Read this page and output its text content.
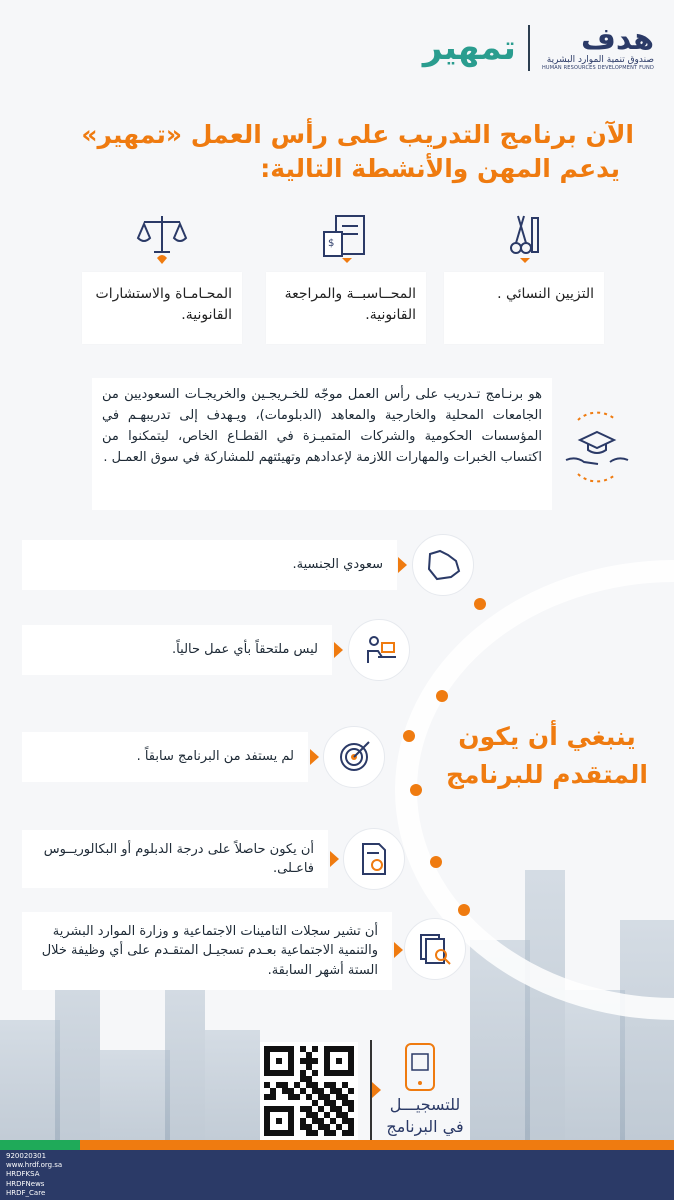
تمهير هدف
صندوق تنمية الموارد البشرية
HUMAN RESOURCES DEVELOPMENT FUND
الآن برنامج التدريب على رأس العمل «تمهير»
يدعم المهن والأنشطة التالية:
التزيين النسائي .
$
المحــاسبــة والمراجعة القانونية.
المحـامـاة والاستشارات القانونية.
هو برنـامج تـدريب على رأس العمل موجّه للخـريجـين والخريجـات السعوديين من الجامعات المحلية والخارجية والمعاهد (الدبلومات)، ويـهدف إلى تدريبهـم في المؤسسات الحكومية والشركات المتميـزة في القطـاع الخاص، ليتمكنوا من اكتساب الخبرات والمهارات اللازمة لإعدادهم وتهيئتهم للمشاركة في سوق العمـل .
ينبغي أن يكون المتقدم للبرنامج
سعودي الجنسية.
ليس ملتحقاً بأي عمل حالياً.
لم يستفد من البرنامج سابقاً .
أن يكون حاصلاً على درجة الدبلوم أو البكالوريــوس فاعـلى.
أن تشير سجلات التامينات الاجتماعية و وزارة الموارد البشرية والتنمية الاجتماعية بعـدم تسجيـل المتقـدم على أي وظيفة خلال الستة أشهر السابقة.
للتسجيـــل في البرنامج
920020301
www.hrdf.org.sa
HRDFKSA
HRDFNews
HRDF_Care
